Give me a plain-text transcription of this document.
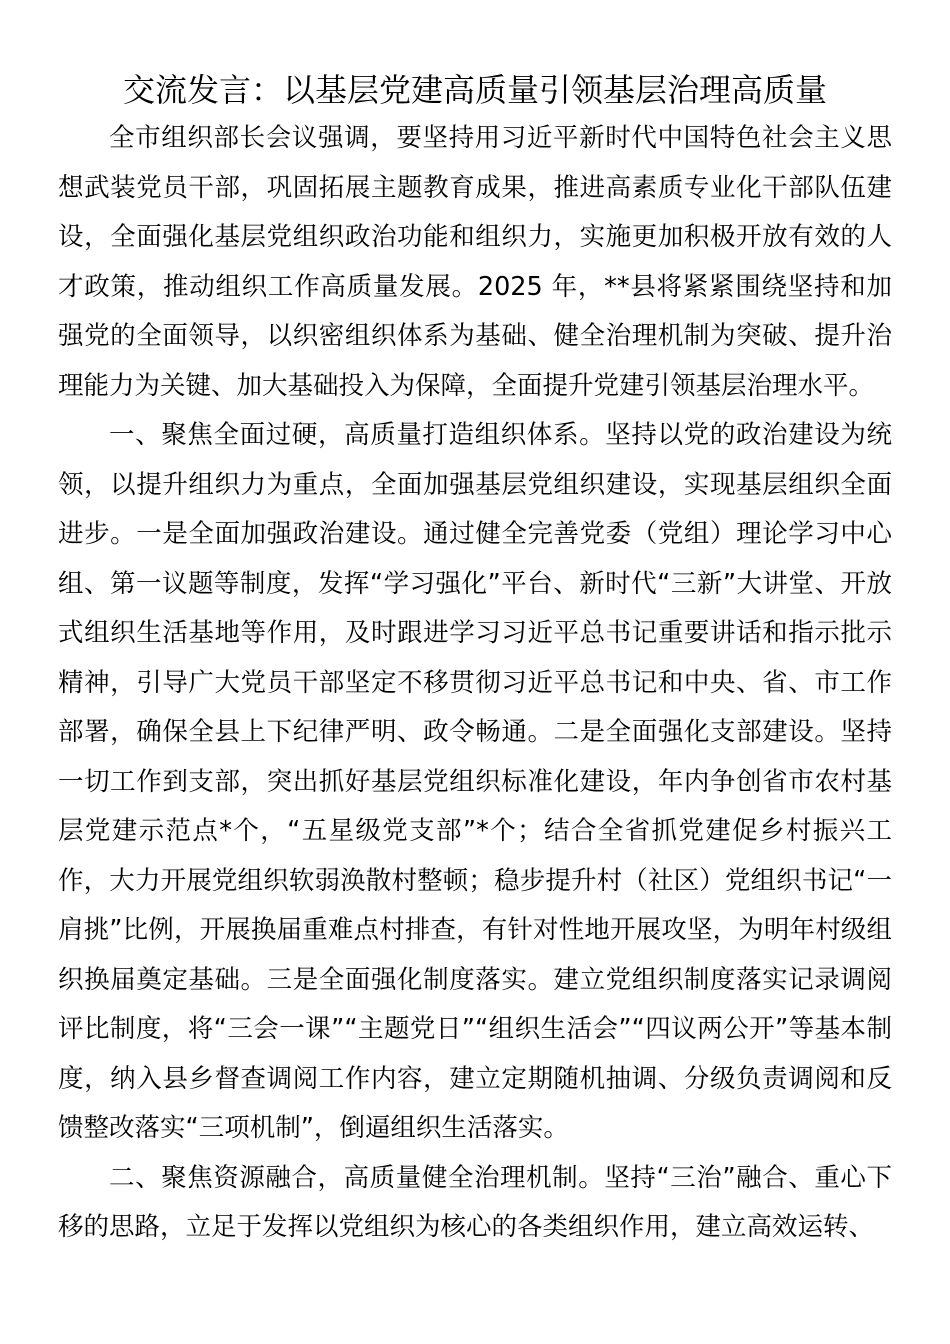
交流发言：以基层党建高质量引领基层治理高质量

全市组织部长会议强调，要坚持用习近平新时代中国特色社会主义思想武装党员干部，巩固拓展主题教育成果，推进高素质专业化干部队伍建设，全面强化基层党组织政治功能和组织力，实施更加积极开放有效的人才政策，推动组织工作高质量发展。2025 年，**县将紧紧围绕坚持和加强党的全面领导，以织密组织体系为基础、健全治理机制为突破、提升治理能力为关键、加大基础投入为保障，全面提升党建引领基层治理水平。

一、聚焦全面过硬，高质量打造组织体系。坚持以党的政治建设为统领，以提升组织力为重点，全面加强基层党组织建设，实现基层组织全面进步。一是全面加强政治建设。通过健全完善党委（党组）理论学习中心组、第一议题等制度，发挥“学习强化”平台、新时代“三新”大讲堂、开放式组织生活基地等作用，及时跟进学习习近平总书记重要讲话和指示批示精神，引导广大党员干部坚定不移贯彻习近平总书记和中央、省、市工作部署，确保全县上下纪律严明、政令畅通。二是全面强化支部建设。坚持一切工作到支部，突出抓好基层党组织标准化建设，年内争创省市农村基层党建示范点*个，“五星级党支部”*个；结合全省抓党建促乡村振兴工作，大力开展党组织软弱涣散村整顿；稳步提升村（社区）党组织书记“一肩挑”比例，开展换届重难点村排查，有针对性地开展攻坚，为明年村级组织换届奠定基础。三是全面强化制度落实。建立党组织制度落实记录调阅评比制度，将“三会一课”“主题党日”“组织生活会”“四议两公开”等基本制度，纳入县乡督查调阅工作内容，建立定期随机抽调、分级负责调阅和反馈整改落实“三项机制”，倒逼组织生活落实。

二、聚焦资源融合，高质量健全治理机制。坚持“三治”融合、重心下移的思路，立足于发挥以党组织为核心的各类组织作用，建立高效运转、
